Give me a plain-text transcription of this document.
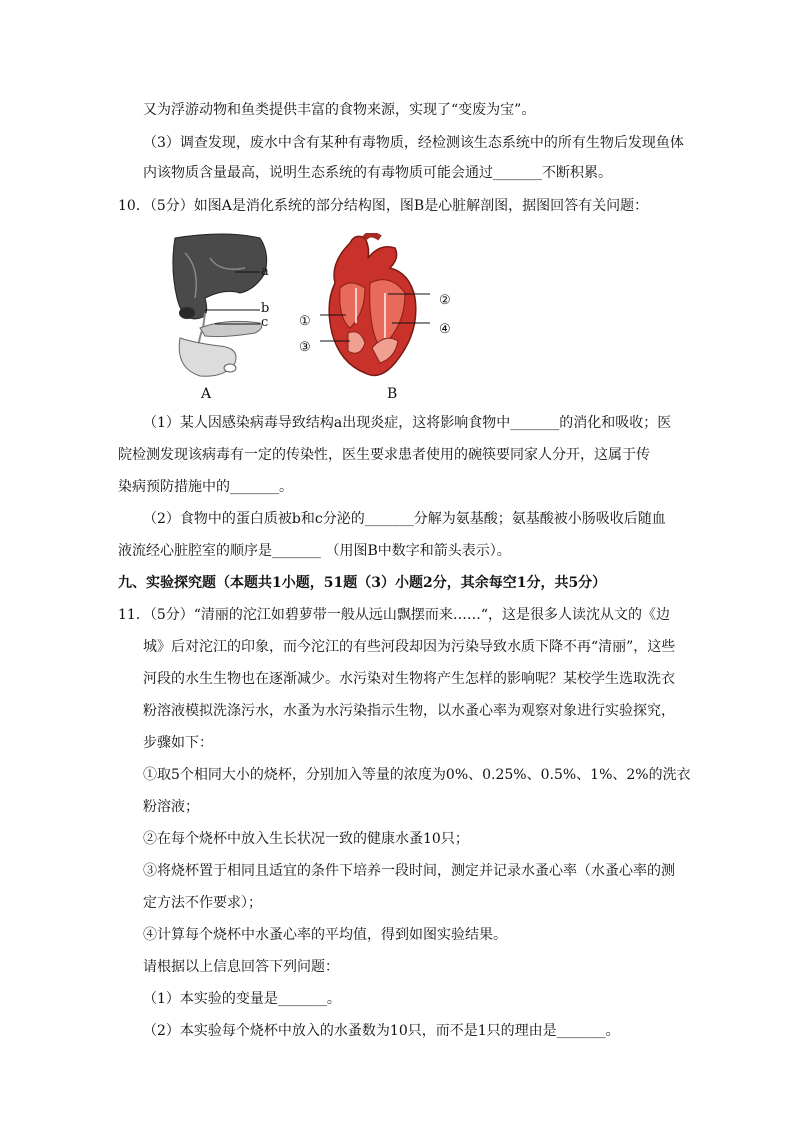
又为浮游动物和鱼类提供丰富的食物来源，实现了“变废为宝”。
（3）调查发现，废水中含有某种有毒物质，经检测该生态系统中的所有生物后发现鱼体
内该物质含量最高，说明生态系统的有毒物质可能会通过_______不断积累。
10．（5分）如图A是消化系统的部分结构图，图B是心脏解剖图，据图回答有关问题：
a
b
c
A
①
③
②
④
B
（1）某人因感染病毒导致结构a出现炎症，这将影响食物中_______的消化和吸收；医
院检测发现该病毒有一定的传染性，医生要求患者使用的碗筷要同家人分开，这属于传
染病预防措施中的_______。
（2）食物中的蛋白质被b和c分泌的_______分解为氨基酸；氨基酸被小肠吸收后随血
液流经心脏腔室的顺序是_______ （用图B中数字和箭头表示）。
九、实验探究题（本题共1小题，51题（3）小题2分，其余每空1分，共5分）
11．（5分）“清丽的沱江如碧萝带一般从远山飘摆而来……“，这是很多人读沈从文的《边
城》后对沱江的印象，而今沱江的有些河段却因为污染导致水质下降不再“清丽”，这些
河段的水生生物也在逐渐减少。水污染对生物将产生怎样的影响呢？某校学生选取洗衣
粉溶液模拟洗涤污水，水蚤为水污染指示生物，以水蚤心率为观察对象进行实验探究，
步骤如下：
①取5个相同大小的烧杯，分别加入等量的浓度为0%、0.25%、0.5%、1%、2%的洗衣
粉溶液；
②在每个烧杯中放入生长状况一致的健康水蚤10只；
③将烧杯置于相同且适宜的条件下培养一段时间，测定并记录水蚤心率（水蚤心率的测
定方法不作要求）；
④计算每个烧杯中水蚤心率的平均值，得到如图实验结果。
请根据以上信息回答下列问题：
（1）本实验的变量是_______。
（2）本实验每个烧杯中放入的水蚤数为10只，而不是1只的理由是_______。
